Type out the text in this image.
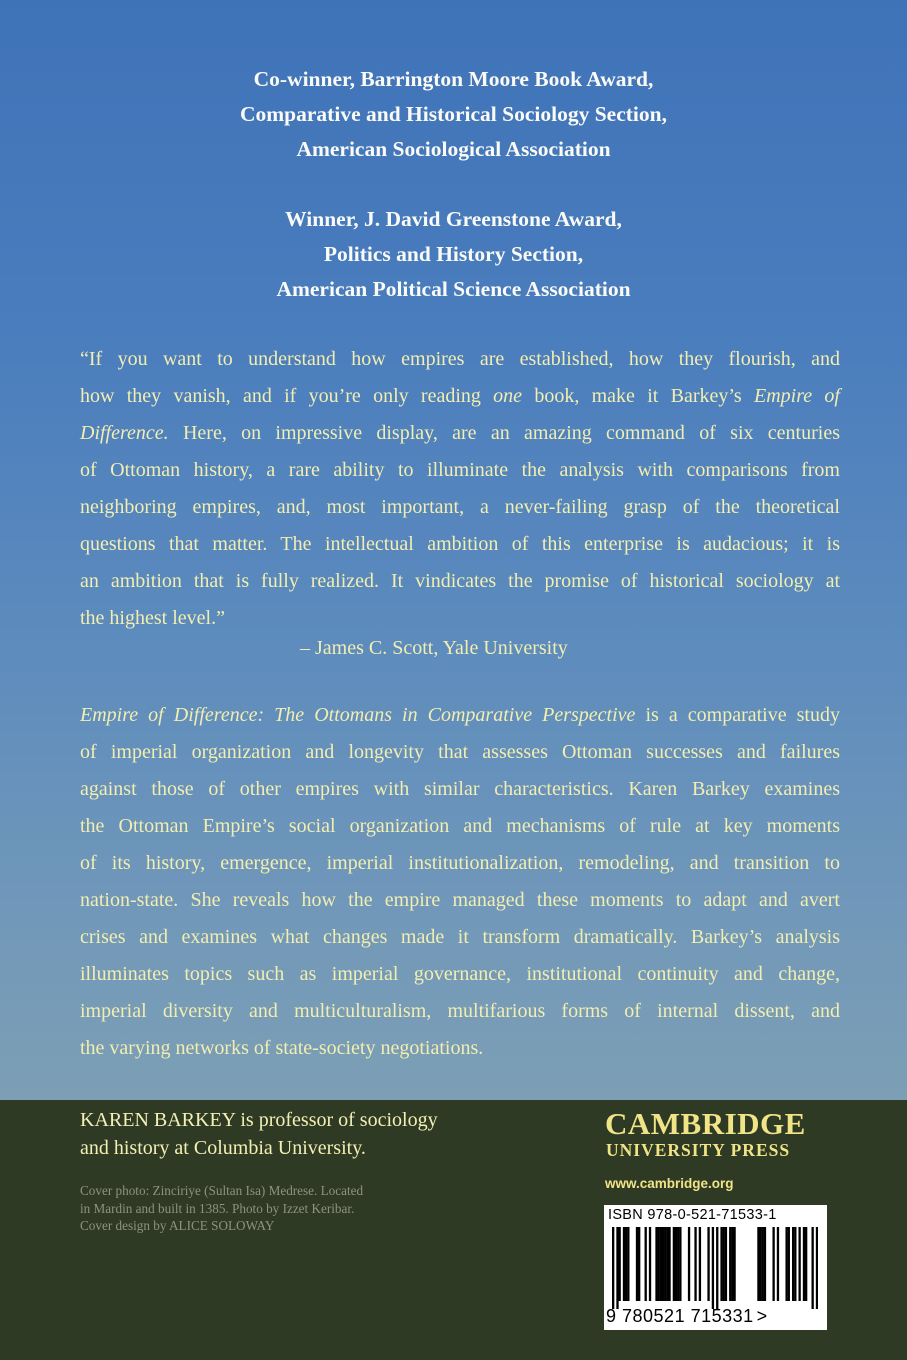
Co-winner, Barrington Moore Book Award,
Comparative and Historical Sociology Section,
American Sociological Association
Winner, J. David Greenstone Award,
Politics and History Section,
American Political Science Association
“If you want to understand how empires are established, how they flourish, and
how they vanish, and if you’re only reading one book, make it Barkey’s Empire of
Difference. Here, on impressive display, are an amazing command of six centuries
of Ottoman history, a rare ability to illuminate the analysis with comparisons from
neighboring empires, and, most important, a never-failing grasp of the theoretical
questions that matter. The intellectual ambition of this enterprise is audacious; it is
an ambition that is fully realized. It vindicates the promise of historical sociology at
the highest level.”
– James C. Scott, Yale University
Empire of Difference: The Ottomans in Comparative Perspective is a comparative study
of imperial organization and longevity that assesses Ottoman successes and failures
against those of other empires with similar characteristics. Karen Barkey examines
the Ottoman Empire’s social organization and mechanisms of rule at key moments
of its history, emergence, imperial institutionalization, remodeling, and transition to
nation-state. She reveals how the empire managed these moments to adapt and avert
crises and examines what changes made it transform dramatically. Barkey’s analysis
illuminates topics such as imperial governance, institutional continuity and change,
imperial diversity and multiculturalism, multifarious forms of internal dissent, and
the varying networks of state-society negotiations.
KAREN BARKEY is professor of sociology
and history at Columbia University.
Cover photo: Zinciriye (Sultan Isa) Medrese. Located
in Mardin and built in 1385. Photo by Izzet Keribar.
Cover design by ALICE SOLOWAY
CAMBRIDGE
UNIVERSITY PRESS
www.cambridge.org
ISBN 978-0-521-71533-1
9 780521 715331 >
